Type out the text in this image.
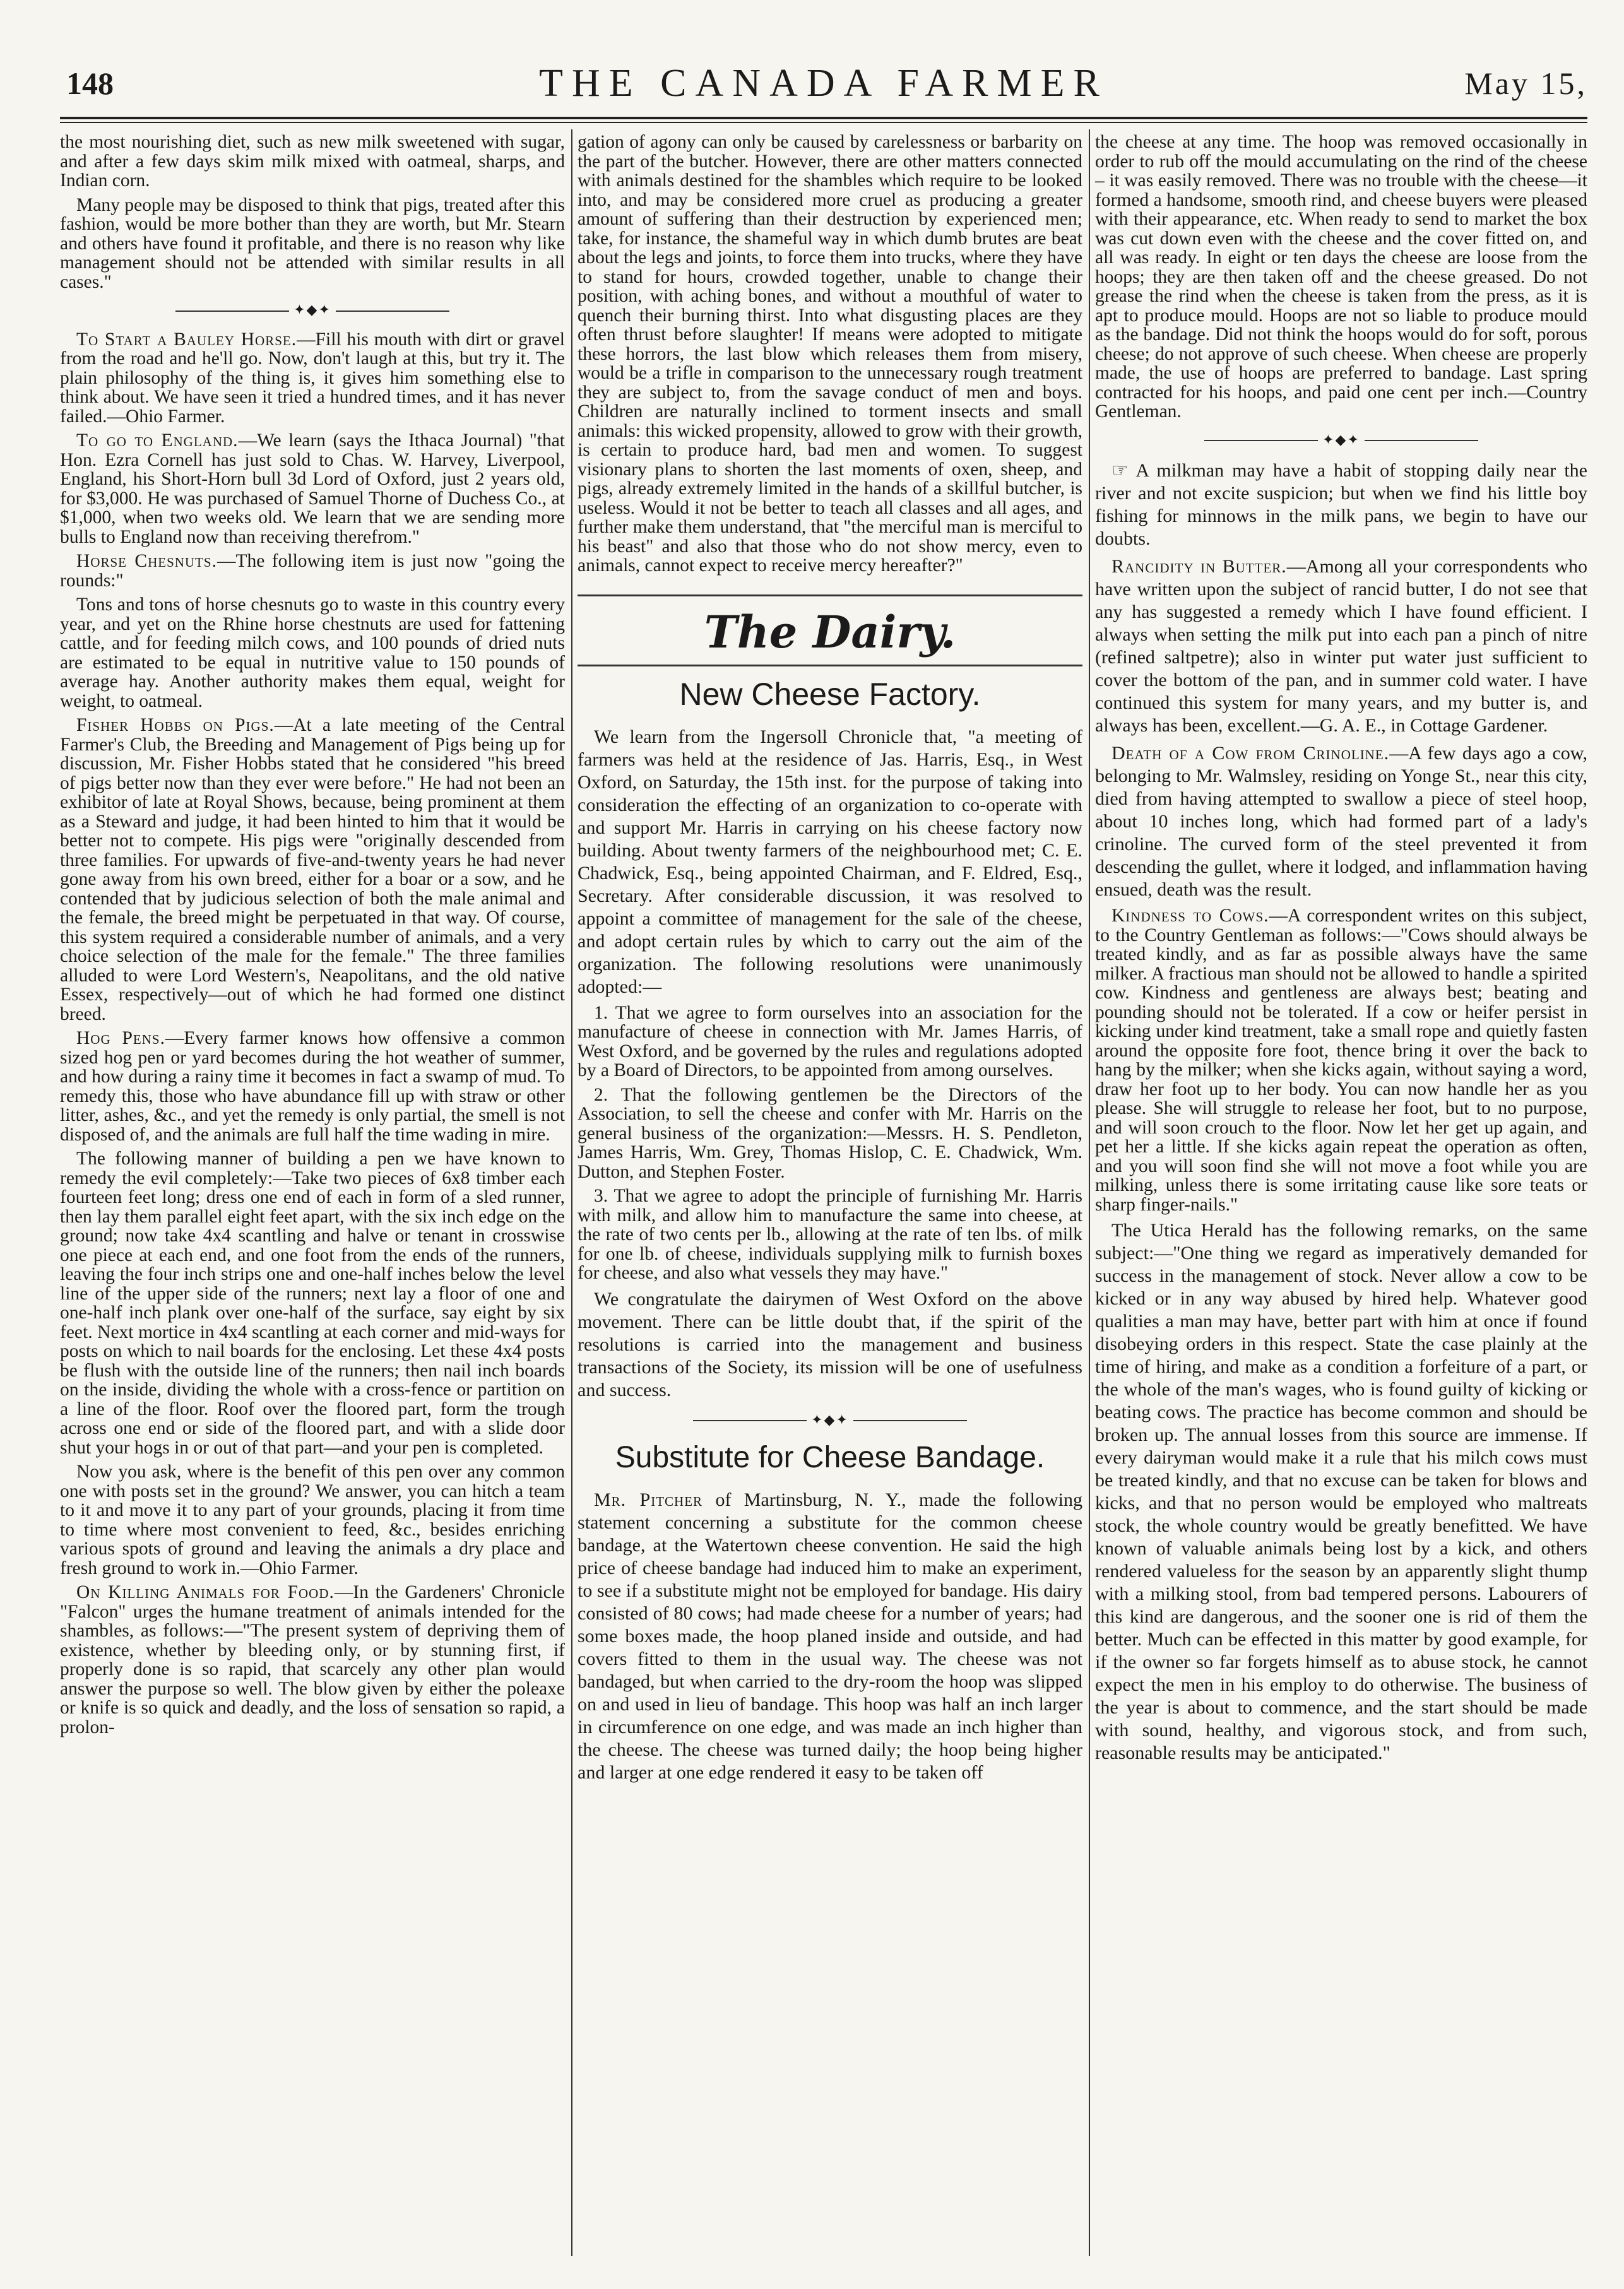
148	THE CANADA FARMER	May 15,

the most nourishing diet, such as new milk sweetened with sugar, and after a few days skim milk mixed with oatmeal, sharps, and Indian corn.

Many people may be disposed to think that pigs, treated after this fashion, would be more bother than they are worth, but Mr. Stearn and others have found it profitable, and there is no reason why like management should not be attended with similar results in all cases."

✦◆✦

To Start a Bauley Horse.—Fill his mouth with dirt or gravel from the road and he'll go. Now, don't laugh at this, but try it. The plain philosophy of the thing is, it gives him something else to think about. We have seen it tried a hundred times, and it has never failed.—Ohio Farmer.

To go to England.—We learn (says the Ithaca Journal) "that Hon. Ezra Cornell has just sold to Chas. W. Harvey, Liverpool, England, his Short-Horn bull 3d Lord of Oxford, just 2 years old, for $3,000. He was purchased of Samuel Thorne of Duchess Co., at $1,000, when two weeks old. We learn that we are sending more bulls to England now than receiving therefrom."

Horse Chesnuts.—The following item is just now "going the rounds:"

Tons and tons of horse chesnuts go to waste in this country every year, and yet on the Rhine horse chestnuts are used for fattening cattle, and for feeding milch cows, and 100 pounds of dried nuts are estimated to be equal in nutritive value to 150 pounds of average hay. Another authority makes them equal, weight for weight, to oatmeal.

Fisher Hobbs on Pigs.—At a late meeting of the Central Farmer's Club, the Breeding and Management of Pigs being up for discussion, Mr. Fisher Hobbs stated that he considered "his breed of pigs better now than they ever were before." He had not been an exhibitor of late at Royal Shows, because, being prominent at them as a Steward and judge, it had been hinted to him that it would be better not to compete. His pigs were "originally descended from three families. For upwards of five-and-twenty years he had never gone away from his own breed, either for a boar or a sow, and he contended that by judicious selection of both the male animal and the female, the breed might be perpetuated in that way. Of course, this system required a considerable number of animals, and a very choice selection of the male for the female." The three families alluded to were Lord Western's, Neapolitans, and the old native Essex, respectively—out of which he had formed one distinct breed.

Hog Pens.—Every farmer knows how offensive a common sized hog pen or yard becomes during the hot weather of summer, and how during a rainy time it becomes in fact a swamp of mud. To remedy this, those who have abundance fill up with straw or other litter, ashes, &c., and yet the remedy is only partial, the smell is not disposed of, and the animals are full half the time wading in mire.

The following manner of building a pen we have known to remedy the evil completely:—Take two pieces of 6x8 timber each fourteen feet long; dress one end of each in form of a sled runner, then lay them parallel eight feet apart, with the six inch edge on the ground; now take 4x4 scantling and halve or tenant in crosswise one piece at each end, and one foot from the ends of the runners, leaving the four inch strips one and one-half inches below the level line of the upper side of the runners; next lay a floor of one and one-half inch plank over one-half of the surface, say eight by six feet. Next mortice in 4x4 scantling at each corner and mid-ways for posts on which to nail boards for the enclosing. Let these 4x4 posts be flush with the outside line of the runners; then nail inch boards on the inside, dividing the whole with a cross-fence or partition on a line of the floor. Roof over the floored part, form the trough across one end or side of the floored part, and with a slide door shut your hogs in or out of that part—and your pen is completed.

Now you ask, where is the benefit of this pen over any common one with posts set in the ground? We answer, you can hitch a team to it and move it to any part of your grounds, placing it from time to time where most convenient to feed, &c., besides enriching various spots of ground and leaving the animals a dry place and fresh ground to work in.—Ohio Farmer.

On Killing Animals for Food.—In the Gardeners' Chronicle "Falcon" urges the humane treatment of animals intended for the shambles, as follows:—"The present system of depriving them of existence, whether by bleeding only, or by stunning first, if properly done is so rapid, that scarcely any other plan would answer the purpose so well. The blow given by either the poleaxe or knife is so quick and deadly, and the loss of sensation so rapid, a prolon-

gation of agony can only be caused by carelessness or barbarity on the part of the butcher. However, there are other matters connected with animals destined for the shambles which require to be looked into, and may be considered more cruel as producing a greater amount of suffering than their destruction by experienced men; take, for instance, the shameful way in which dumb brutes are beat about the legs and joints, to force them into trucks, where they have to stand for hours, crowded together, unable to change their position, with aching bones, and without a mouthful of water to quench their burning thirst. Into what disgusting places are they often thrust before slaughter! If means were adopted to mitigate these horrors, the last blow which releases them from misery, would be a trifle in comparison to the unnecessary rough treatment they are subject to, from the savage conduct of men and boys. Children are naturally inclined to torment insects and small animals: this wicked propensity, allowed to grow with their growth, is certain to produce hard, bad men and women. To suggest visionary plans to shorten the last moments of oxen, sheep, and pigs, already extremely limited in the hands of a skillful butcher, is useless. Would it not be better to teach all classes and all ages, and further make them understand, that "the merciful man is merciful to his beast" and also that those who do not show mercy, even to animals, cannot expect to receive mercy hereafter?"

The Dairy.
New Cheese Factory.

We learn from the Ingersoll Chronicle that, "a meeting of farmers was held at the residence of Jas. Harris, Esq., in West Oxford, on Saturday, the 15th inst. for the purpose of taking into consideration the effecting of an organization to co-operate with and support Mr. Harris in carrying on his cheese factory now building. About twenty farmers of the neighbourhood met; C. E. Chadwick, Esq., being appointed Chairman, and F. Eldred, Esq., Secretary. After considerable discussion, it was resolved to appoint a committee of management for the sale of the cheese, and adopt certain rules by which to carry out the aim of the organization. The following resolutions were unanimously adopted:—

1. That we agree to form ourselves into an association for the manufacture of cheese in connection with Mr. James Harris, of West Oxford, and be governed by the rules and regulations adopted by a Board of Directors, to be appointed from among ourselves.

2. That the following gentlemen be the Directors of the Association, to sell the cheese and confer with Mr. Harris on the general business of the organization:—Messrs. H. S. Pendleton, James Harris, Wm. Grey, Thomas Hislop, C. E. Chadwick, Wm. Dutton, and Stephen Foster.

3. That we agree to adopt the principle of furnishing Mr. Harris with milk, and allow him to manufacture the same into cheese, at the rate of two cents per lb., allowing at the rate of ten lbs. of milk for one lb. of cheese, individuals supplying milk to furnish boxes for cheese, and also what vessels they may have."

We congratulate the dairymen of West Oxford on the above movement. There can be little doubt that, if the spirit of the resolutions is carried into the management and business transactions of the Society, its mission will be one of usefulness and success.

✦◆✦
Substitute for Cheese Bandage.

Mr. Pitcher of Martinsburg, N. Y., made the following statement concerning a substitute for the common cheese bandage, at the Watertown cheese convention. He said the high price of cheese bandage had induced him to make an experiment, to see if a substitute might not be employed for bandage. His dairy consisted of 80 cows; had made cheese for a number of years; had some boxes made, the hoop planed inside and outside, and had covers fitted to them in the usual way. The cheese was not bandaged, but when carried to the dry-room the hoop was slipped on and used in lieu of bandage. This hoop was half an inch larger in circumference on one edge, and was made an inch higher than the cheese. The cheese was turned daily; the hoop being higher and larger at one edge rendered it easy to be taken off

the cheese at any time. The hoop was removed occasionally in order to rub off the mould accumulating on the rind of the cheese – it was easily removed. There was no trouble with the cheese—it formed a handsome, smooth rind, and cheese buyers were pleased with their appearance, etc. When ready to send to market the box was cut down even with the cheese and the cover fitted on, and all was ready. In eight or ten days the cheese are loose from the hoops; they are then taken off and the cheese greased. Do not grease the rind when the cheese is taken from the press, as it is apt to produce mould. Hoops are not so liable to produce mould as the bandage. Did not think the hoops would do for soft, porous cheese; do not approve of such cheese. When cheese are properly made, the use of hoops are preferred to bandage. Last spring contracted for his hoops, and paid one cent per inch.—Country Gentleman.

✦◆✦

☞ A milkman may have a habit of stopping daily near the river and not excite suspicion; but when we find his little boy fishing for minnows in the milk pans, we begin to have our doubts.

Rancidity in Butter.—Among all your correspondents who have written upon the subject of rancid butter, I do not see that any has suggested a remedy which I have found efficient. I always when setting the milk put into each pan a pinch of nitre (refined saltpetre); also in winter put water just sufficient to cover the bottom of the pan, and in summer cold water. I have continued this system for many years, and my butter is, and always has been, excellent.—G. A. E., in Cottage Gardener.

Death of a Cow from Crinoline.—A few days ago a cow, belonging to Mr. Walmsley, residing on Yonge St., near this city, died from having attempted to swallow a piece of steel hoop, about 10 inches long, which had formed part of a lady's crinoline. The curved form of the steel prevented it from descending the gullet, where it lodged, and inflammation having ensued, death was the result.

Kindness to Cows.—A correspondent writes on this subject, to the Country Gentleman as follows:—"Cows should always be treated kindly, and as far as possible always have the same milker. A fractious man should not be allowed to handle a spirited cow. Kindness and gentleness are always best; beating and pounding should not be tolerated. If a cow or heifer persist in kicking under kind treatment, take a small rope and quietly fasten around the opposite fore foot, thence bring it over the back to hang by the milker; when she kicks again, without saying a word, draw her foot up to her body. You can now handle her as you please. She will struggle to release her foot, but to no purpose, and will soon crouch to the floor. Now let her get up again, and pet her a little. If she kicks again repeat the operation as often, and you will soon find she will not move a foot while you are milking, unless there is some irritating cause like sore teats or sharp finger-nails."

The Utica Herald has the following remarks, on the same subject:—"One thing we regard as imperatively demanded for success in the management of stock. Never allow a cow to be kicked or in any way abused by hired help. Whatever good qualities a man may have, better part with him at once if found disobeying orders in this respect. State the case plainly at the time of hiring, and make as a condition a forfeiture of a part, or the whole of the man's wages, who is found guilty of kicking or beating cows. The practice has become common and should be broken up. The annual losses from this source are immense. If every dairyman would make it a rule that his milch cows must be treated kindly, and that no excuse can be taken for blows and kicks, and that no person would be employed who maltreats stock, the whole country would be greatly benefitted. We have known of valuable animals being lost by a kick, and others rendered valueless for the season by an apparently slight thump with a milking stool, from bad tempered persons. Labourers of this kind are dangerous, and the sooner one is rid of them the better. Much can be effected in this matter by good example, for if the owner so far forgets himself as to abuse stock, he cannot expect the men in his employ to do otherwise. The business of the year is about to commence, and the start should be made with sound, healthy, and vigorous stock, and from such, reasonable results may be anticipated."
